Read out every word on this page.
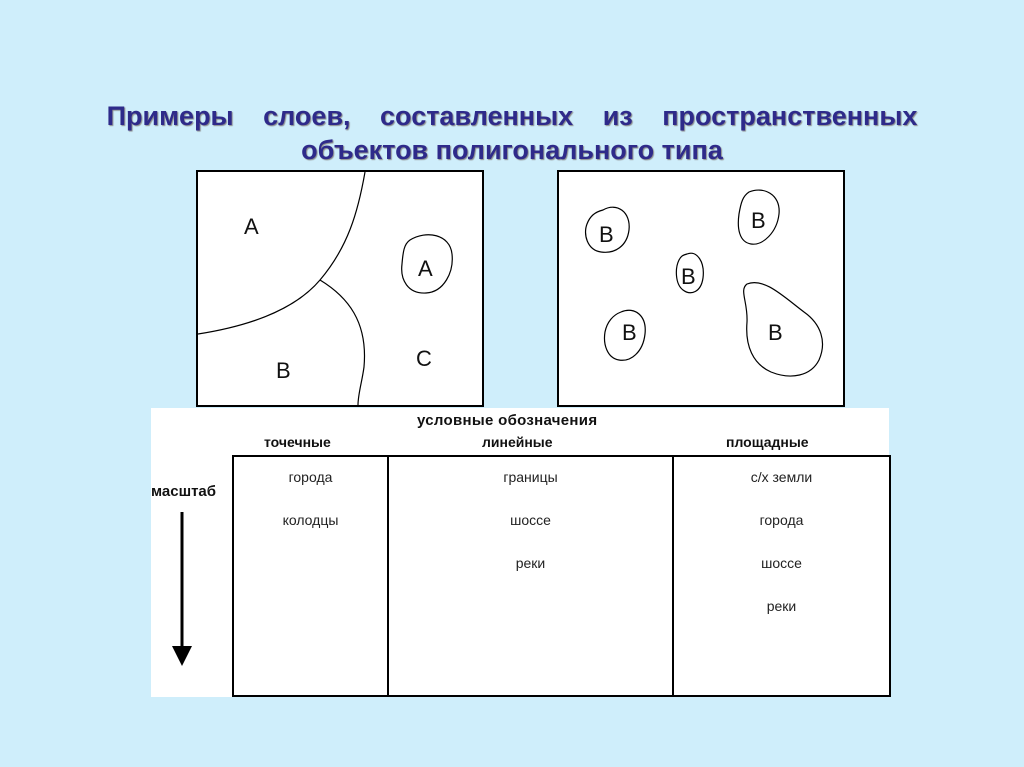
Примеры слоев, составленных из пространственных
объектов полигонального типа
A
A
B	C
B
B
B
B	B
условные обозначения
точечные	линейные	площадные
масштаб
города
колодцы

границы
шоссе
реки

с/х земли
города
шоссе
реки
